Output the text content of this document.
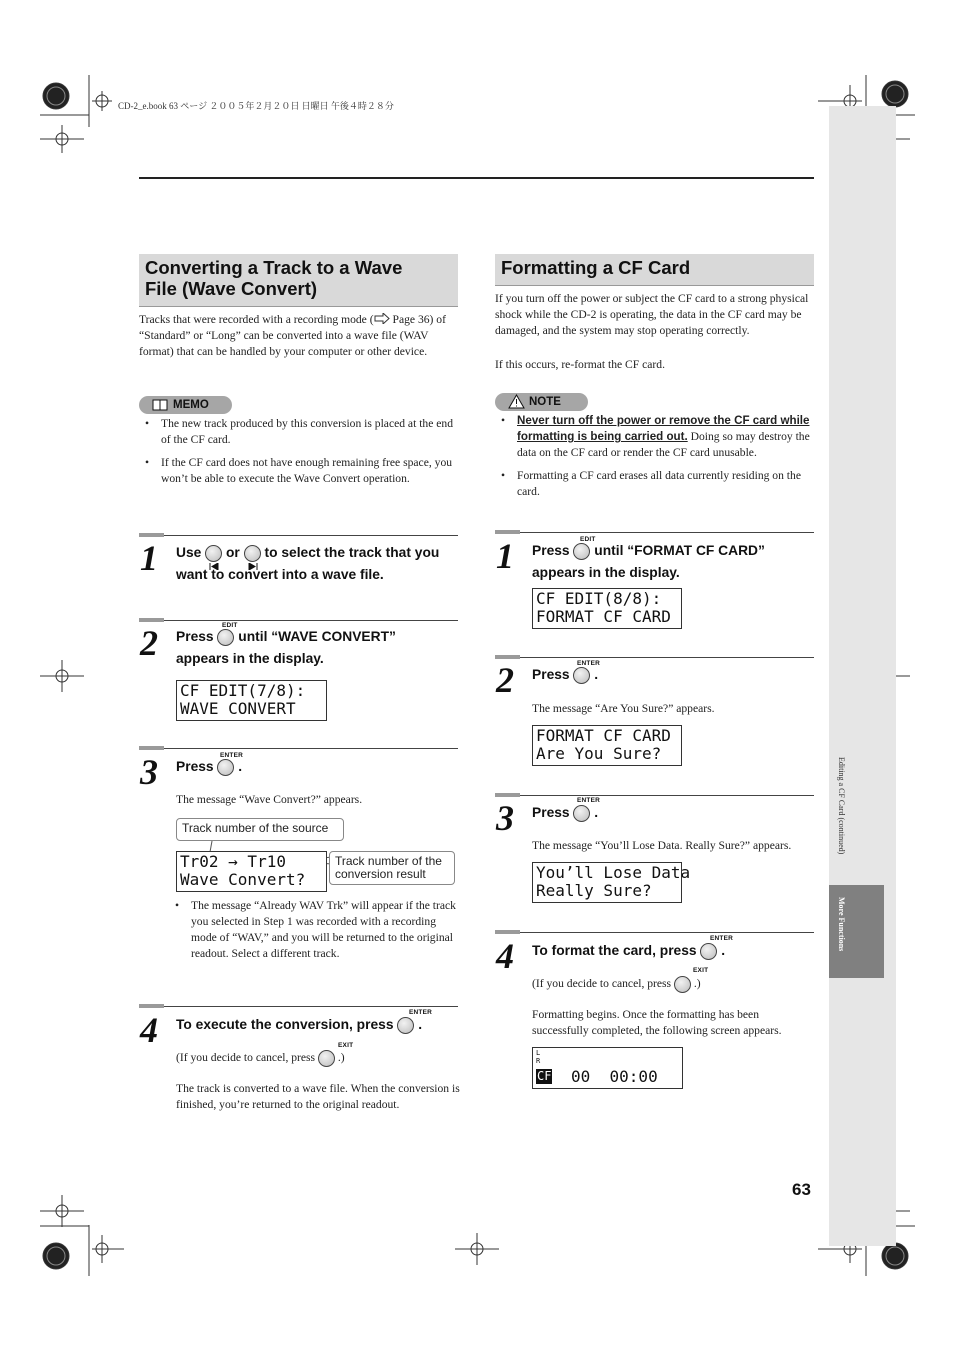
CD-2_e.book 63 ページ ２００５年２月２０日 日曜日 午後４時２８分
Editing a CF Card (continued)
More Functions
Converting a Track to a Wave
File (Wave Convert)
Tracks that were recorded with a recording mode ( Page 36) of “Standard” or “Long” can be converted into a wave file (WAV format) that can be handled by your computer or other device.
MEMO
• The new track produced by this conversion is placed at the end of the CF card.
• If the CF card does not have enough remaining free space, you won’t be able to execute the Wave Convert operation.
1 Use or to select the track that you
want to convert into a wave file.
2	EDIT
Press until “WAVE CONVERT”
appears in the display.
CF EDIT(7/8):
WAVE CONVERT
3	ENTER
Press .
The message “Wave Convert?” appears.
Track number of the source
Tr02 → Tr10
Wave Convert?
Track number of the conversion result
• The message “Already WAV Trk” will appear if the track you selected in Step 1 was recorded with a recording mode of “WAV,” and you will be returned to the original readout. Select a different track.
4	ENTER
To execute the conversion, press .
EXIT
(If you decide to cancel, press .)
The track is converted to a wave file. When the conversion is finished, you’re returned to the original readout.
Formatting a CF Card
If you turn off the power or subject the CF card to a strong physical shock while the CD-2 is operating, the data in the CF card may be damaged, and the system may stop operating correctly.
If this occurs, re-format the CF card.
NOTE
• Never turn off the power or remove the CF card while formatting is being carried out. Doing so may destroy the data on the CF card or render the CF card unusable.
• Formatting a CF card erases all data currently residing on the card.
1	EDIT
Press until “FORMAT CF CARD”
appears in the display.
CF EDIT(8/8):
FORMAT CF CARD
2	ENTER
Press .
The message “Are You Sure?” appears.
FORMAT CF CARD
Are You Sure?
3	ENTER
Press .
The message “You’ll Lose Data. Really Sure?” appears.
You’ll Lose Data
Really Sure?
4	ENTER
To format the card, press .
EXIT
(If you decide to cancel, press .)
Formatting begins. Once the formatting has been successfully completed, the following screen appears.

L

R

CF

00  00:00

63
